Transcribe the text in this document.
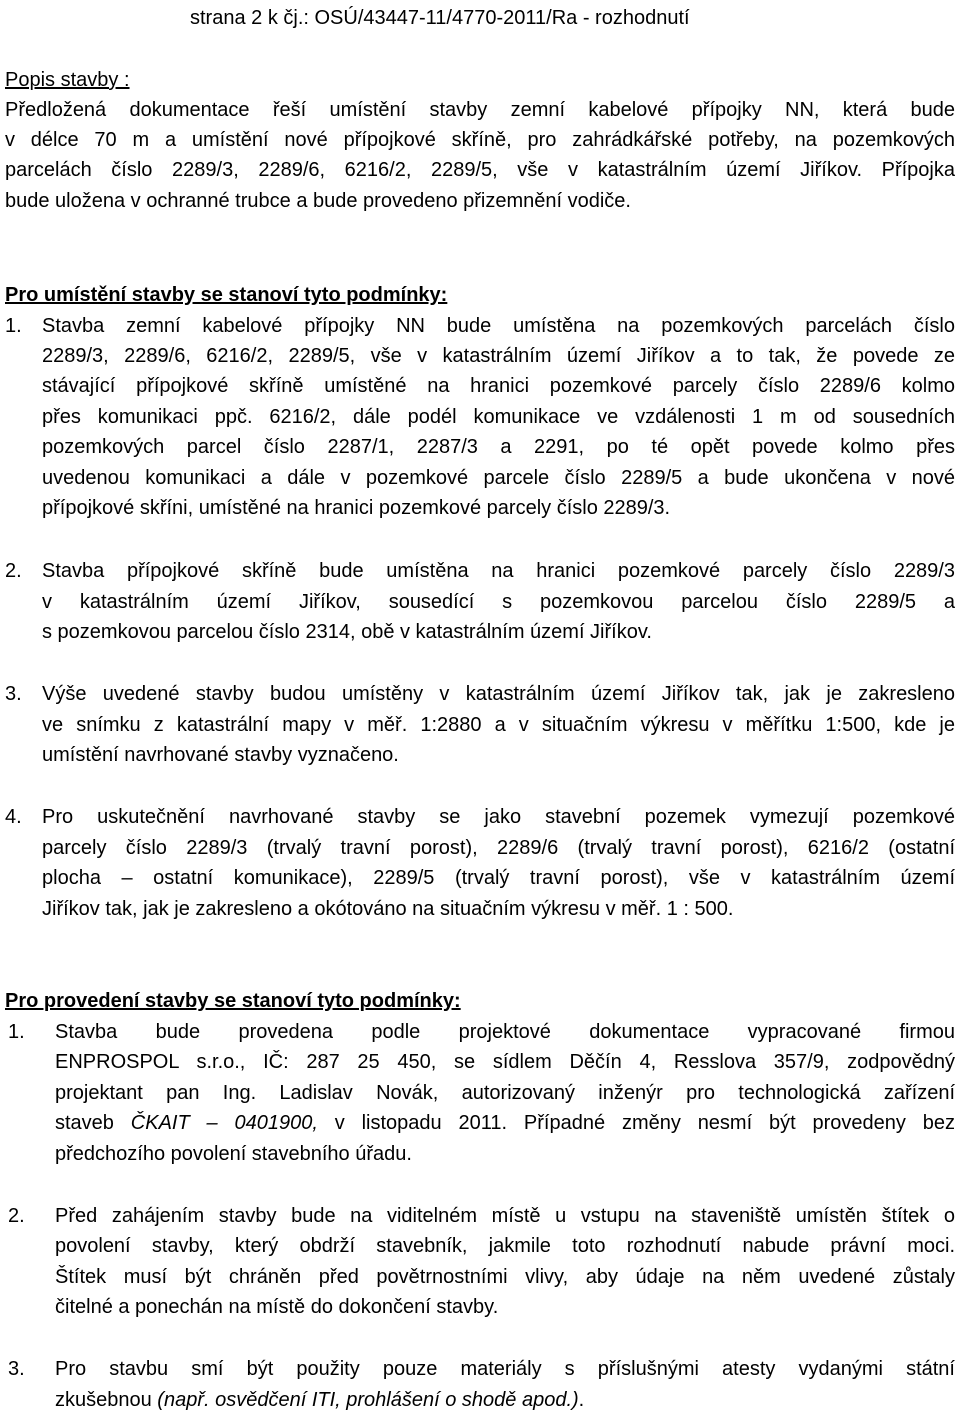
strana 2 k čj.: OSÚ/43447-11/4770-2011/Ra - rozhodnutí
Popis stavby :
Předložená dokumentace řeší umístění stavby zemní kabelové přípojky NN, která bude
v délce 70 m a umístění nové přípojkové skříně, pro zahrádkářské potřeby, na pozemkových
parcelách číslo 2289/3, 2289/6, 6216/2, 2289/5, vše v katastrálním území Jiříkov. Přípojka
bude uložena v ochranné trubce a bude provedeno přizemnění vodiče.
Pro umístění stavby se stanoví tyto podmínky:
1. Stavba zemní kabelové přípojky NN bude umístěna na pozemkových parcelách číslo
2289/3, 2289/6, 6216/2, 2289/5, vše v katastrálním území Jiříkov a to tak, že povede ze
stávající přípojkové skříně umístěné na hranici pozemkové parcely číslo 2289/6 kolmo
přes komunikaci ppč. 6216/2, dále podél komunikace ve vzdálenosti 1 m od sousedních
pozemkových parcel číslo 2287/1, 2287/3 a 2291, po té opět povede kolmo přes
uvedenou komunikaci a dále v pozemkové parcele číslo 2289/5 a bude ukončena v nové
přípojkové skříni, umístěné na hranici pozemkové parcely číslo 2289/3.
2. Stavba přípojkové skříně bude umístěna na hranici pozemkové parcely číslo 2289/3
v katastrálním území Jiříkov, sousedící s pozemkovou parcelou číslo 2289/5 a
s pozemkovou parcelou číslo 2314, obě v katastrálním území Jiříkov.
3. Výše uvedené stavby budou umístěny v katastrálním území Jiříkov tak, jak je zakresleno
ve snímku z katastrální mapy v měř. 1:2880 a v situačním výkresu v měřítku 1:500, kde je
umístění navrhované stavby vyznačeno.
4. Pro uskutečnění navrhované stavby se jako stavební pozemek vymezují pozemkové
parcely číslo 2289/3 (trvalý travní porost), 2289/6 (trvalý travní porost), 6216/2 (ostatní
plocha – ostatní komunikace), 2289/5 (trvalý travní porost), vše v katastrálním území
Jiříkov tak, jak je zakresleno a okótováno na situačním výkresu v měř. 1 : 500.
Pro provedení stavby se stanoví tyto podmínky:
1. Stavba bude provedena podle projektové dokumentace vypracované firmou
ENPROSPOL s.r.o., IČ: 287 25 450, se sídlem Děčín 4, Resslova 357/9, zodpovědný
projektant pan Ing. Ladislav Novák, autorizovaný inženýr pro technologická zařízení
staveb ČKAIT – 0401900, v listopadu 2011. Případné změny nesmí být provedeny bez
předchozího povolení stavebního úřadu.
2. Před zahájením stavby bude na viditelném místě u vstupu na staveniště umístěn štítek o
povolení stavby, který obdrží stavebník, jakmile toto rozhodnutí nabude právní moci.
Štítek musí být chráněn před povětrnostními vlivy, aby údaje na něm uvedené zůstaly
čitelné a ponechán na místě do dokončení stavby.
3. Pro stavbu smí být použity pouze materiály s příslušnými atesty vydanými státní
zkušebnou (např. osvědčení ITI, prohlášení o shodě apod.).
